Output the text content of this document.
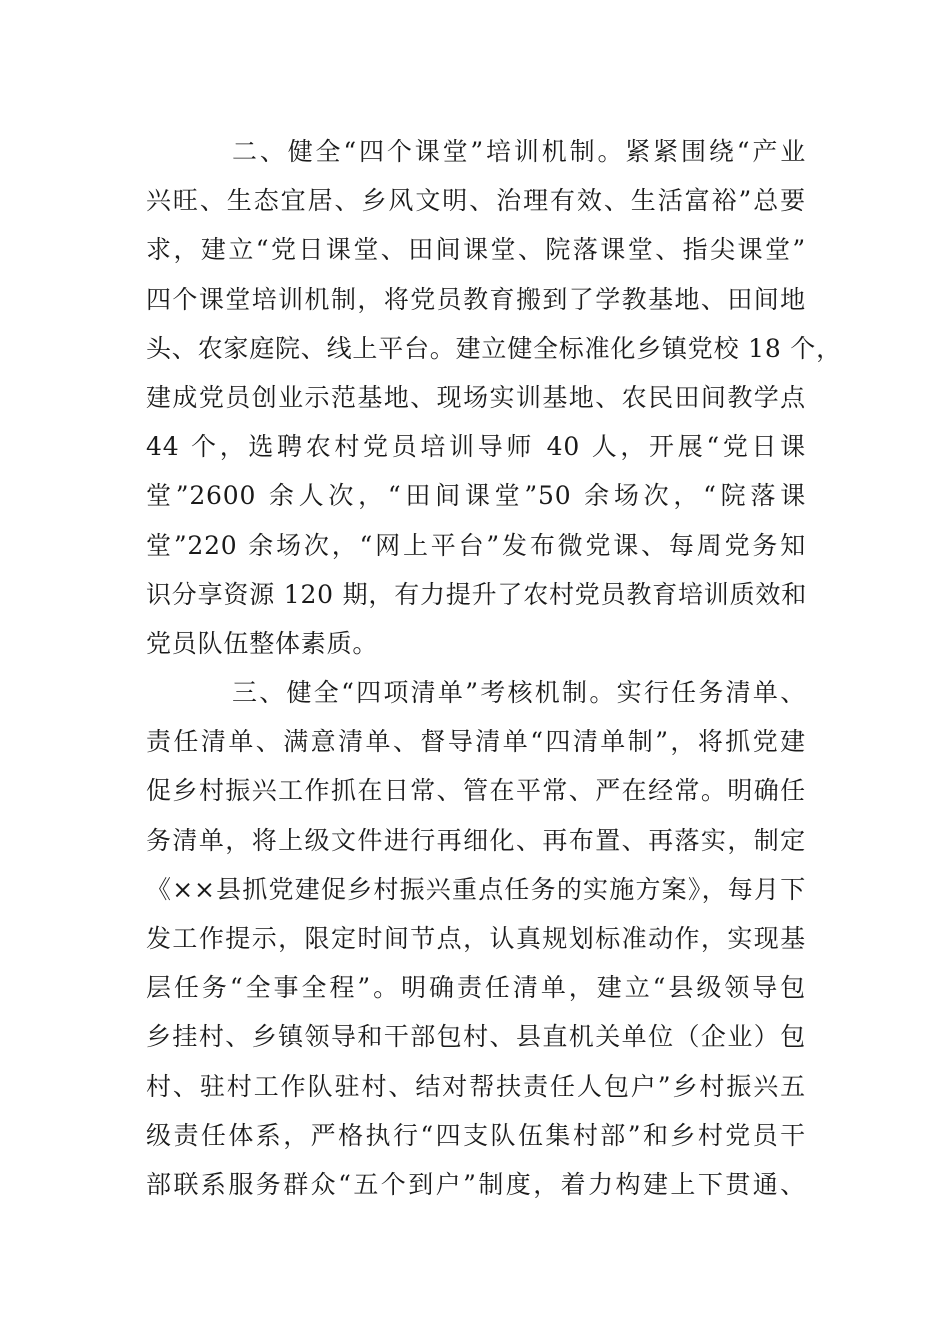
二、健全“四个课堂”培训机制。紧紧围绕“产业
兴旺、生态宜居、乡风文明、治理有效、生活富裕”总要
求，建立“党日课堂、田间课堂、院落课堂、指尖课堂”
四个课堂培训机制，将党员教育搬到了学教基地、田间地
头、农家庭院、线上平台。建立健全标准化乡镇党校 18 个，
建成党员创业示范基地、现场实训基地、农民田间教学点
44 个，选聘农村党员培训导师 40 人，开展“党日课
堂”2600 余人次，“田间课堂”50 余场次，“院落课
堂”220 余场次，“网上平台”发布微党课、每周党务知
识分享资源 120 期，有力提升了农村党员教育培训质效和
党员队伍整体素质。
三、健全“四项清单”考核机制。实行任务清单、
责任清单、满意清单、督导清单“四清单制”，将抓党建
促乡村振兴工作抓在日常、管在平常、严在经常。明确任
务清单，将上级文件进行再细化、再布置、再落实，制定
《××县抓党建促乡村振兴重点任务的实施方案》，每月下
发工作提示，限定时间节点，认真规划标准动作，实现基
层任务“全事全程”。明确责任清单，建立“县级领导包
乡挂村、乡镇领导和干部包村、县直机关单位（企业）包
村、驻村工作队驻村、结对帮扶责任人包户”乡村振兴五
级责任体系，严格执行“四支队伍集村部”和乡村党员干
部联系服务群众“五个到户”制度，着力构建上下贯通、
